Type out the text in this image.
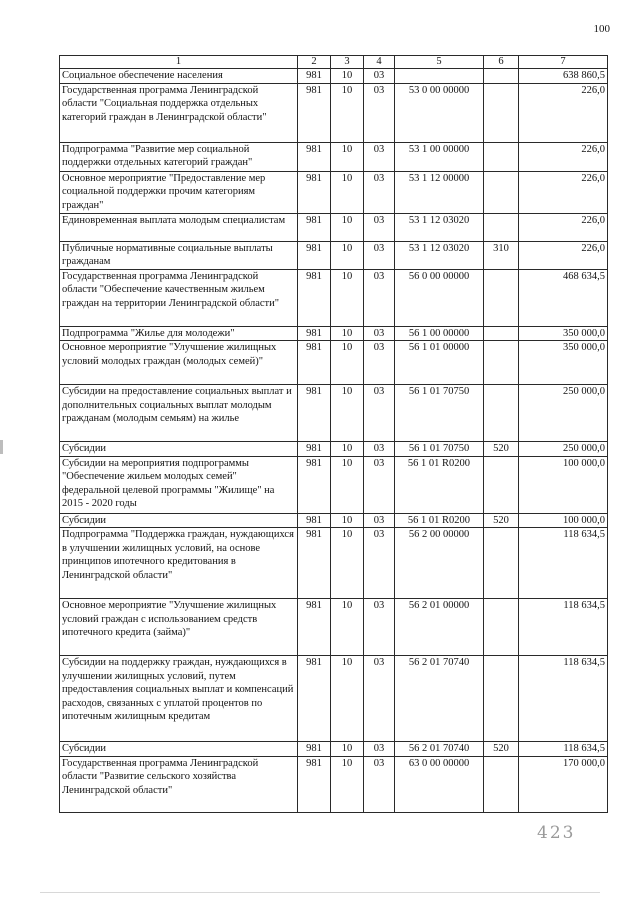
100
1	2	3	4	5	6	7
Социальное обеспечение населения	981	10	03			638 860,5
Государственная программа Ленинградской области "Социальная поддержка отдельных категорий граждан в Ленинградской области"	981	10	03	53 0 00 00000		226,0
Подпрограмма "Развитие мер социальной поддержки отдельных категорий граждан"	981	10	03	53 1 00 00000		226,0
Основное мероприятие "Предоставление мер социальной поддержки прочим категориям граждан"	981	10	03	53 1 12 00000		226,0
Единовременная выплата молодым специалистам	981	10	03	53 1 12 03020		226,0
Публичные нормативные социальные выплаты гражданам	981	10	03	53 1 12 03020	310	226,0
Государственная программа Ленинградской области "Обеспечение качественным жильем граждан на территории Ленинградской области"	981	10	03	56 0 00 00000		468 634,5
Подпрограмма "Жилье для молодежи"	981	10	03	56 1 00 00000		350 000,0
Основное мероприятие "Улучшение жилищных условий молодых граждан (молодых семей)"	981	10	03	56 1 01 00000		350 000,0
Субсидии на предоставление социальных выплат и дополнительных социальных выплат молодым гражданам (молодым семьям) на жилье	981	10	03	56 1 01 70750		250 000,0
Субсидии	981	10	03	56 1 01 70750	520	250 000,0
Субсидии на мероприятия подпрограммы "Обеспечение жильем молодых семей" федеральной целевой программы "Жилище" на 2015 - 2020 годы	981	10	03	56 1 01 R0200		100 000,0
Субсидии	981	10	03	56 1 01 R0200	520	100 000,0
Подпрограмма "Поддержка граждан, нуждающихся в улучшении жилищных условий, на основе принципов ипотечного кредитования в Ленинградской области"	981	10	03	56 2 00 00000		118 634,5
Основное мероприятие "Улучшение жилищных условий граждан с использованием средств ипотечного кредита (займа)"	981	10	03	56 2 01 00000		118 634,5
Субсидии на поддержку граждан, нуждающихся в улучшении жилищных условий, путем предоставления социальных выплат и компенсаций расходов, связанных с уплатой процентов по ипотечным жилищным кредитам	981	10	03	56 2 01 70740		118 634,5
Субсидии	981	10	03	56 2 01 70740	520	118 634,5
Государственная программа Ленинградской области "Развитие сельского хозяйства Ленинградской области"	981	10	03	63 0 00 00000		170 000,0
423
